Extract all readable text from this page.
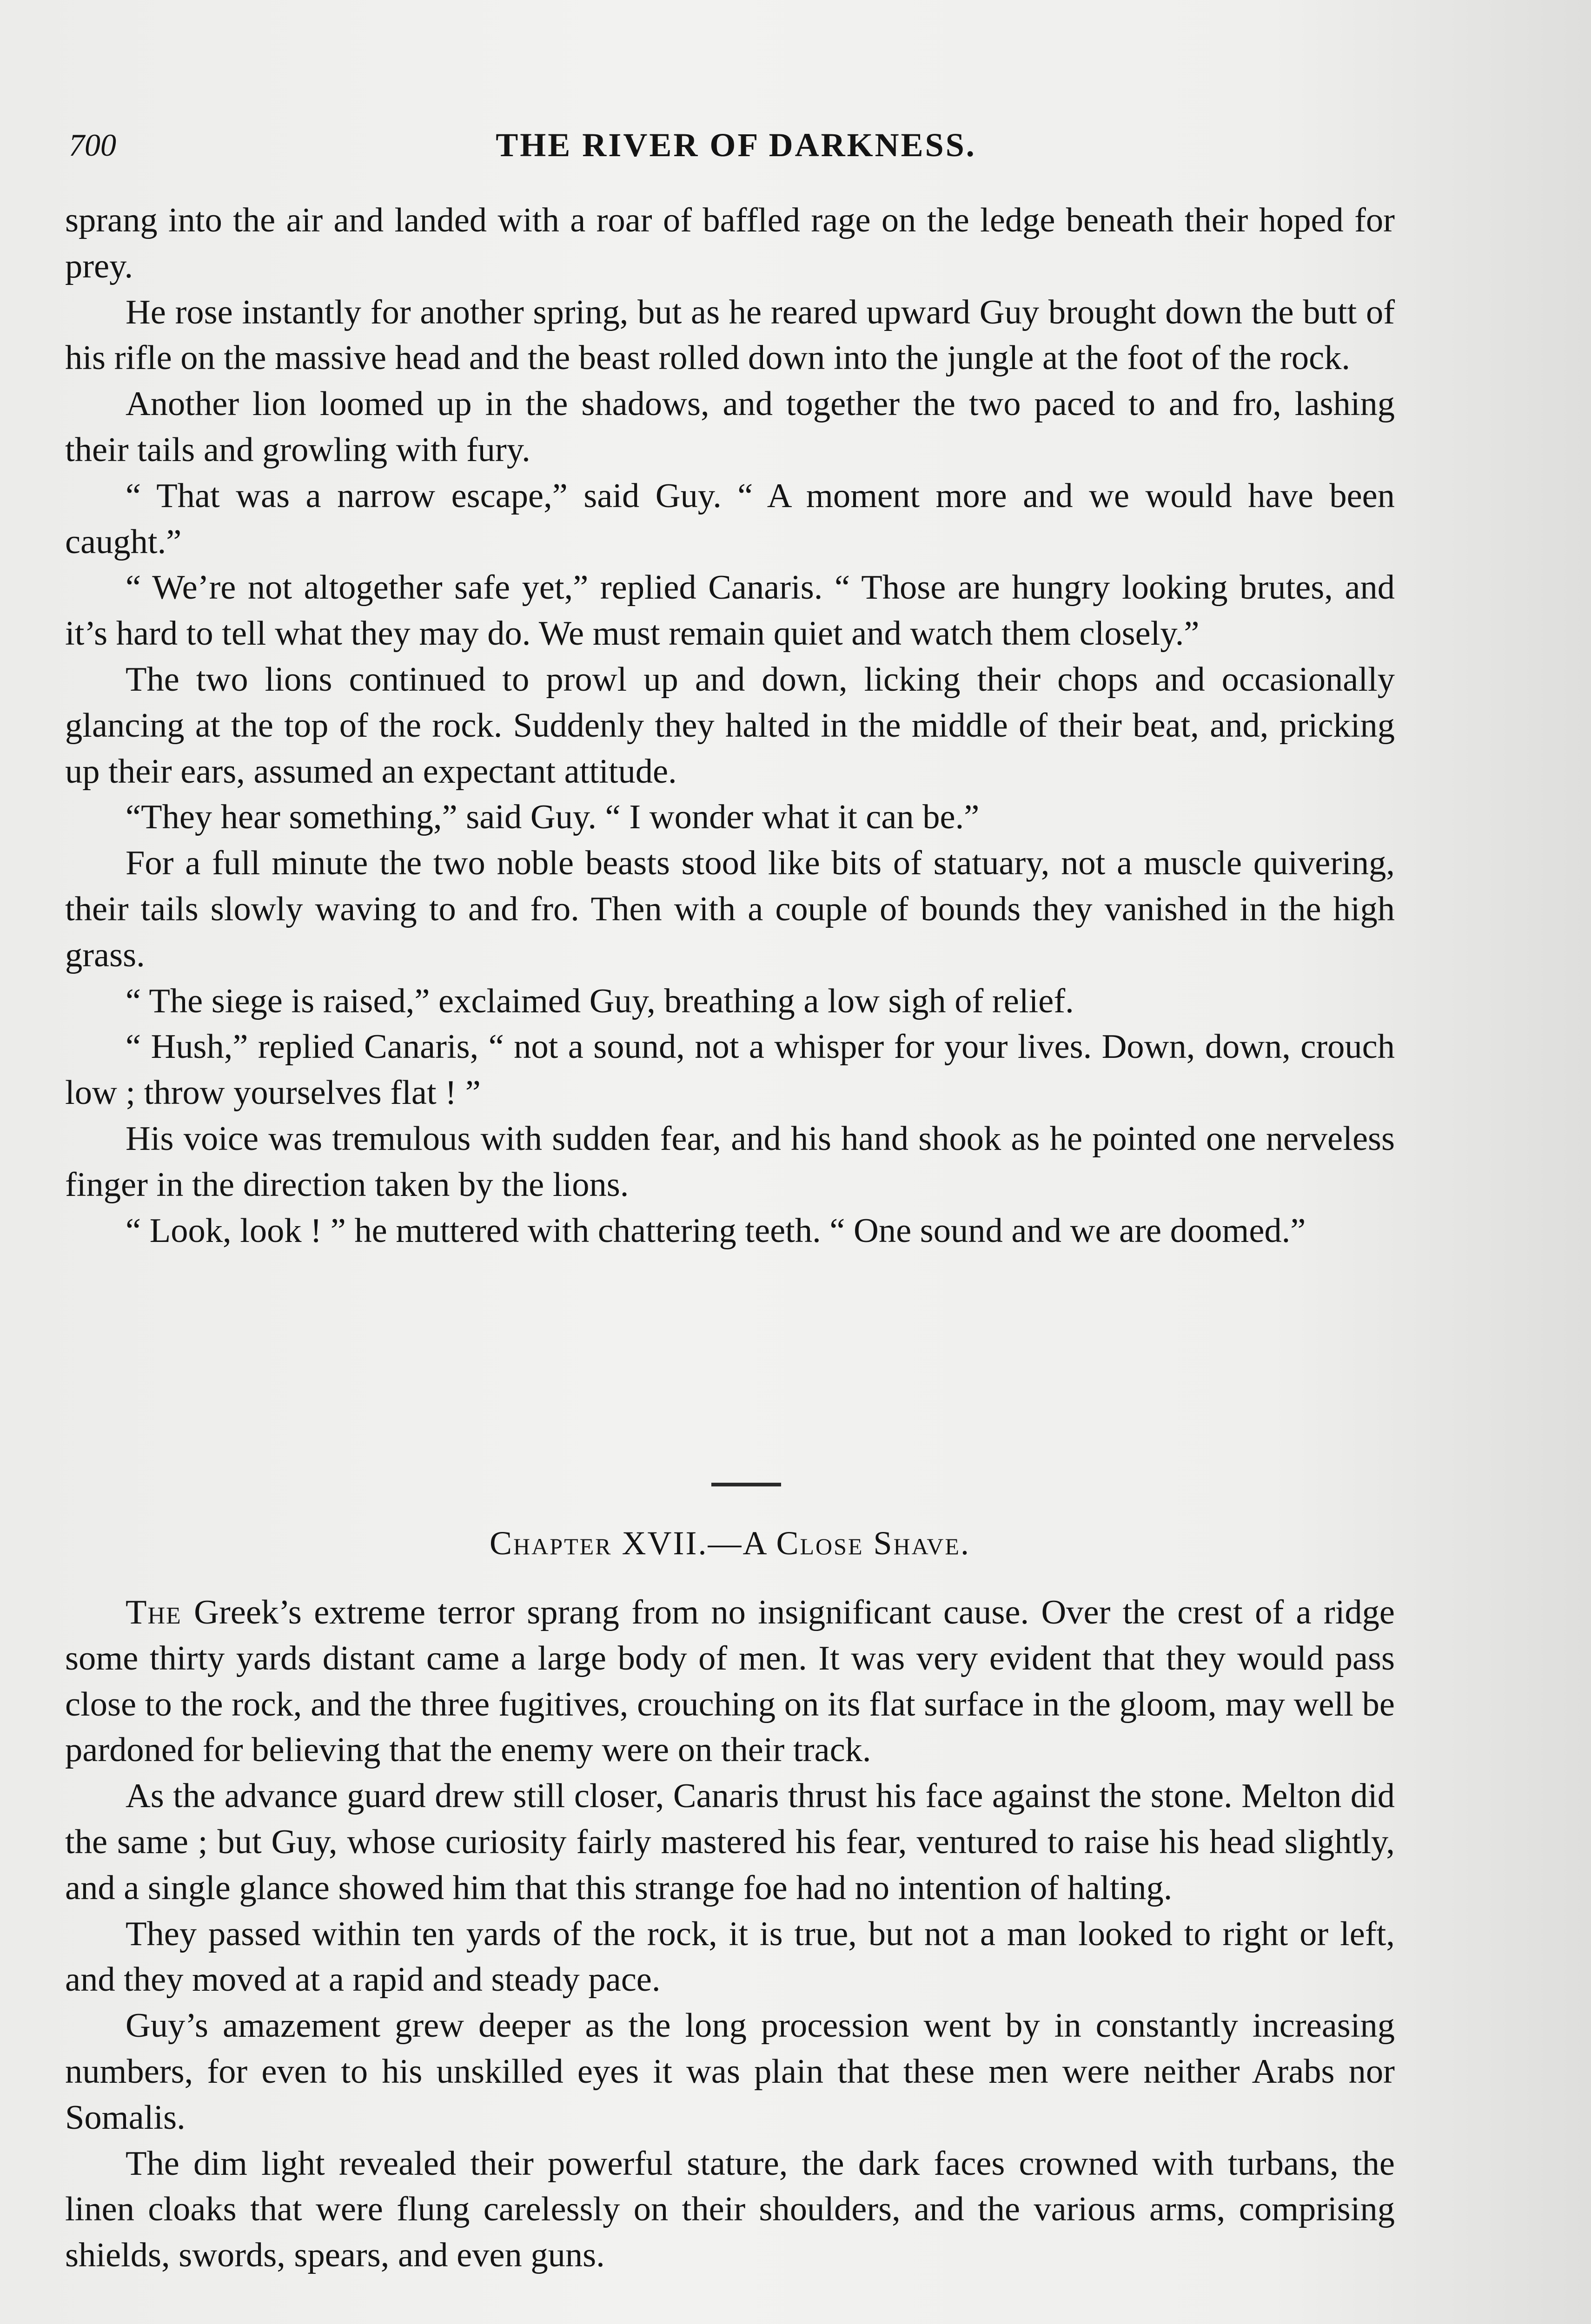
700	THE RIVER OF DARKNESS.

sprang into the air and landed with a roar of baffled rage on the ledge beneath their hoped for prey.

He rose instantly for another spring, but as he reared upward Guy brought down the butt of his rifle on the massive head and the beast rolled down into the jungle at the foot of the rock.

Another lion loomed up in the shadows, and together the two paced to and fro, lashing their tails and growling with fury.

“ That was a narrow escape,” said Guy. “ A moment more and we would have been caught.”

“ We’re not altogether safe yet,” replied Canaris. “ Those are hungry looking brutes, and it’s hard to tell what they may do. We must remain quiet and watch them closely.”

The two lions continued to prowl up and down, licking their chops and occasionally glancing at the top of the rock. Suddenly they halted in the middle of their beat, and, pricking up their ears, assumed an expectant attitude.

“They hear something,” said Guy. “ I wonder what it can be.”

For a full minute the two noble beasts stood like bits of statuary, not a muscle quivering, their tails slowly waving to and fro. Then with a couple of bounds they vanished in the high grass.

“ The siege is raised,” exclaimed Guy, breathing a low sigh of relief.

“ Hush,” replied Canaris, “ not a sound, not a whisper for your lives. Down, down, crouch low ; throw yourselves flat ! ”

His voice was tremulous with sudden fear, and his hand shook as he pointed one nerveless finger in the direction taken by the lions.

“ Look, look ! ” he muttered with chattering teeth. “ One sound and we are doomed.”

Chapter XVII.—A Close Shave.

The Greek’s extreme terror sprang from no insignificant cause. Over the crest of a ridge some thirty yards distant came a large body of men. It was very evident that they would pass close to the rock, and the three fugitives, crouching on its flat surface in the gloom, may well be pardoned for believing that the enemy were on their track.

As the advance guard drew still closer, Canaris thrust his face against the stone. Melton did the same ; but Guy, whose curiosity fairly mastered his fear, ventured to raise his head slightly, and a single glance showed him that this strange foe had no intention of halting.

They passed within ten yards of the rock, it is true, but not a man looked to right or left, and they moved at a rapid and steady pace.

Guy’s amazement grew deeper as the long procession went by in constantly increasing numbers, for even to his unskilled eyes it was plain that these men were neither Arabs nor Somalis.

The dim light revealed their powerful stature, the dark faces crowned with turbans, the linen cloaks that were flung carelessly on their shoulders, and the various arms, comprising shields, swords, spears, and even guns.
